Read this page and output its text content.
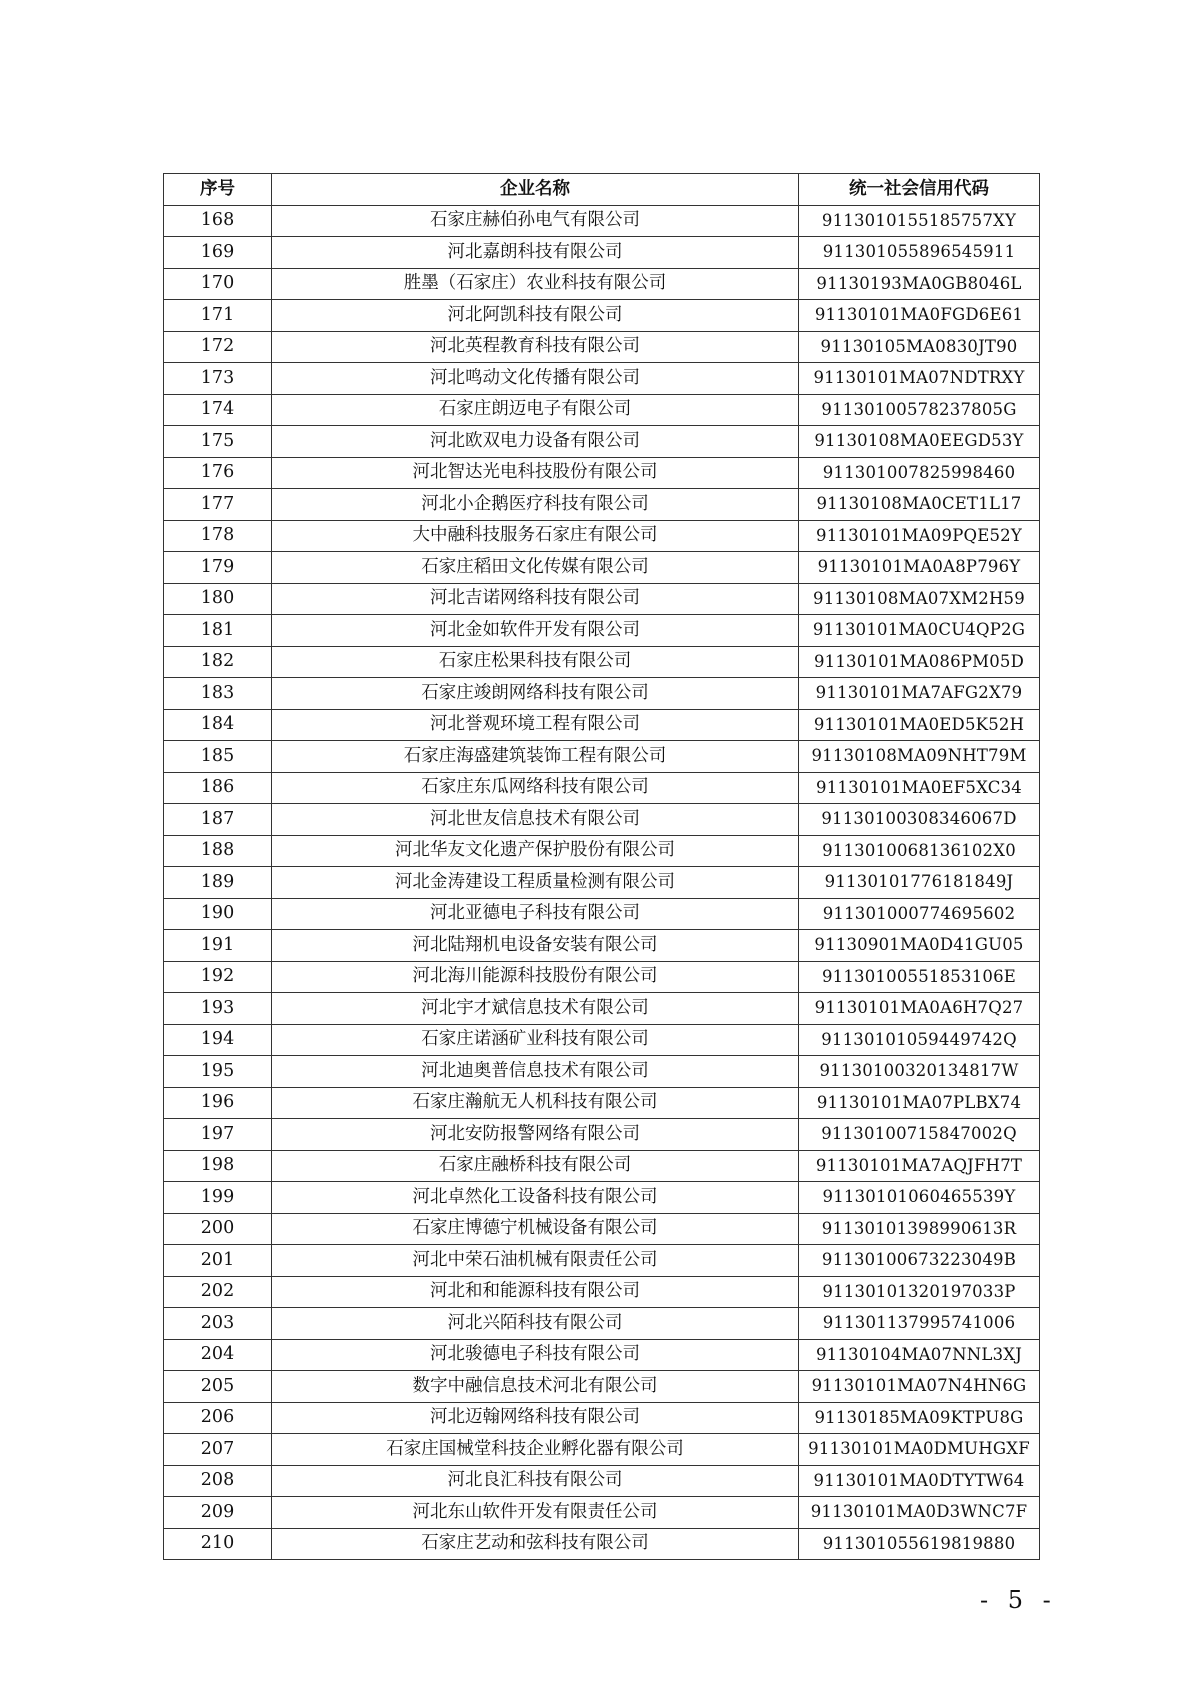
序号	企业名称	统一社会信用代码
168	石家庄赫伯孙电气有限公司	9113010155185757XY
169	河北嘉朗科技有限公司	911301055896545911
170	胜墨（石家庄）农业科技有限公司	91130193MA0GB8046L
171	河北阿凯科技有限公司	91130101MA0FGD6E61
172	河北英程教育科技有限公司	91130105MA0830JT90
173	河北鸣动文化传播有限公司	91130101MA07NDTRXY
174	石家庄朗迈电子有限公司	91130100578237805G
175	河北欧双电力设备有限公司	91130108MA0EEGD53Y
176	河北智达光电科技股份有限公司	911301007825998460
177	河北小企鹅医疗科技有限公司	91130108MA0CET1L17
178	大中融科技服务石家庄有限公司	91130101MA09PQE52Y
179	石家庄稻田文化传媒有限公司	91130101MA0A8P796Y
180	河北吉诺网络科技有限公司	91130108MA07XM2H59
181	河北金如软件开发有限公司	91130101MA0CU4QP2G
182	石家庄松果科技有限公司	91130101MA086PM05D
183	石家庄竣朗网络科技有限公司	91130101MA7AFG2X79
184	河北誉观环境工程有限公司	91130101MA0ED5K52H
185	石家庄海盛建筑装饰工程有限公司	91130108MA09NHT79M
186	石家庄东瓜网络科技有限公司	91130101MA0EF5XC34
187	河北世友信息技术有限公司	91130100308346067D
188	河北华友文化遗产保护股份有限公司	9113010068136102X0
189	河北金涛建设工程质量检测有限公司	91130101776181849J
190	河北亚德电子科技有限公司	911301000774695602
191	河北陆翔机电设备安装有限公司	91130901MA0D41GU05
192	河北海川能源科技股份有限公司	91130100551853106E
193	河北宇才斌信息技术有限公司	91130101MA0A6H7Q27
194	石家庄诺涵矿业科技有限公司	91130101059449742Q
195	河北迪奥普信息技术有限公司	91130100320134817W
196	石家庄瀚航无人机科技有限公司	91130101MA07PLBX74
197	河北安防报警网络有限公司	91130100715847002Q
198	石家庄融桥科技有限公司	91130101MA7AQJFH7T
199	河北卓然化工设备科技有限公司	91130101060465539Y
200	石家庄博德宁机械设备有限公司	91130101398990613R
201	河北中荣石油机械有限责任公司	91130100673223049B
202	河北和和能源科技有限公司	91130101320197033P
203	河北兴陌科技有限公司	911301137995741006
204	河北骏德电子科技有限公司	91130104MA07NNL3XJ
205	数字中融信息技术河北有限公司	91130101MA07N4HN6G
206	河北迈翰网络科技有限公司	91130185MA09KTPU8G
207	石家庄国械堂科技企业孵化器有限公司	91130101MA0DMUHGXF
208	河北良汇科技有限公司	91130101MA0DTYTW64
209	河北东山软件开发有限责任公司	91130101MA0D3WNC7F
210	石家庄艺动和弦科技有限公司	911301055619819880
- 5 -
